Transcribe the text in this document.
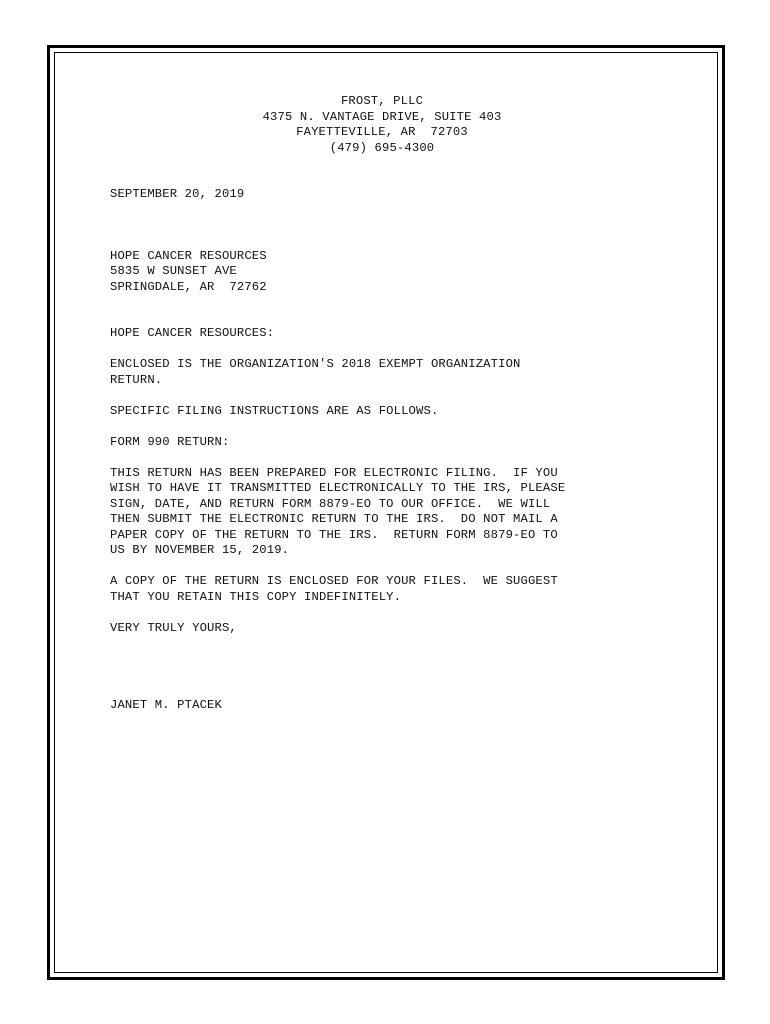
FROST, PLLC
4375 N. VANTAGE DRIVE, SUITE 403
FAYETTEVILLE, AR  72703
(479) 695-4300
SEPTEMBER 20, 2019
HOPE CANCER RESOURCES
5835 W SUNSET AVE
SPRINGDALE, AR  72762
HOPE CANCER RESOURCES:
ENCLOSED IS THE ORGANIZATION'S 2018 EXEMPT ORGANIZATION
RETURN.
SPECIFIC FILING INSTRUCTIONS ARE AS FOLLOWS.
FORM 990 RETURN:
THIS RETURN HAS BEEN PREPARED FOR ELECTRONIC FILING.  IF YOU
WISH TO HAVE IT TRANSMITTED ELECTRONICALLY TO THE IRS, PLEASE
SIGN, DATE, AND RETURN FORM 8879-EO TO OUR OFFICE.  WE WILL
THEN SUBMIT THE ELECTRONIC RETURN TO THE IRS.  DO NOT MAIL A
PAPER COPY OF THE RETURN TO THE IRS.  RETURN FORM 8879-EO TO
US BY NOVEMBER 15, 2019.
A COPY OF THE RETURN IS ENCLOSED FOR YOUR FILES.  WE SUGGEST
THAT YOU RETAIN THIS COPY INDEFINITELY.
VERY TRULY YOURS,
JANET M. PTACEK
